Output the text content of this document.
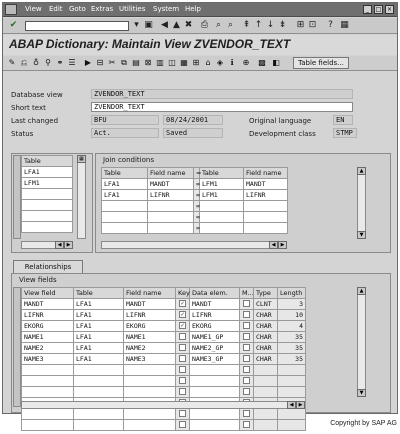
View Edit Goto Extras Utilities System Help	_	□ ×
✔	▾ ▣ ◀ ▲ ✖ ⎙ ⌕ ⌕	⇞ ↑ ↓ ⇟ ⊞ ⊡	? ▦
ABAP Dictionary: Maintain View ZVENDOR_TEXT
✎ ⎌ ♁ ⚲ ⚭ ☰ ▶ ⊟ ✂ ⧉ ▤ ⊠ ▥ ◫ ▦ ⊞ ⌂ ◈ ℹ	⊕ ▩ ◧	Table fields...
Database view	ZVENDOR_TEXT
Short text	ZVENDOR_TEXT
Last changed	BFU	08/24/2001	Original language	EN
Status	Act.	Saved	Development class	STMP
Table
LFA1
LFM1

▦
◀	▶
Join conditions
Table	Field name	=	Table	Field name
LFA1	MANDT	=	LFM1	MANDT
LFA1	LIFNR	=	LFM1	LIFNR
		=		
		=		
		=		
▲
▼
◀	▶
Relationships
View fields
View field	Table	Field name	Key	Data elem.	M...	Type	Length
MANDT	LFA1	MANDT	✓	MANDT		CLNT	3
LIFNR	LFA1	LIFNR	✓	LIFNR		CHAR	10
EKORG	LFA1	EKORG	✓	EKORG		CHAR	4
NAME1	LFA1	NAME1		NAME1_GP		CHAR	35
NAME2	LFA1	NAME2		NAME2_GP		CHAR	35
NAME3	LFA1	NAME3		NAME3_GP		CHAR	35

▲
▼
◀	▶
Copyright by SAP AG
